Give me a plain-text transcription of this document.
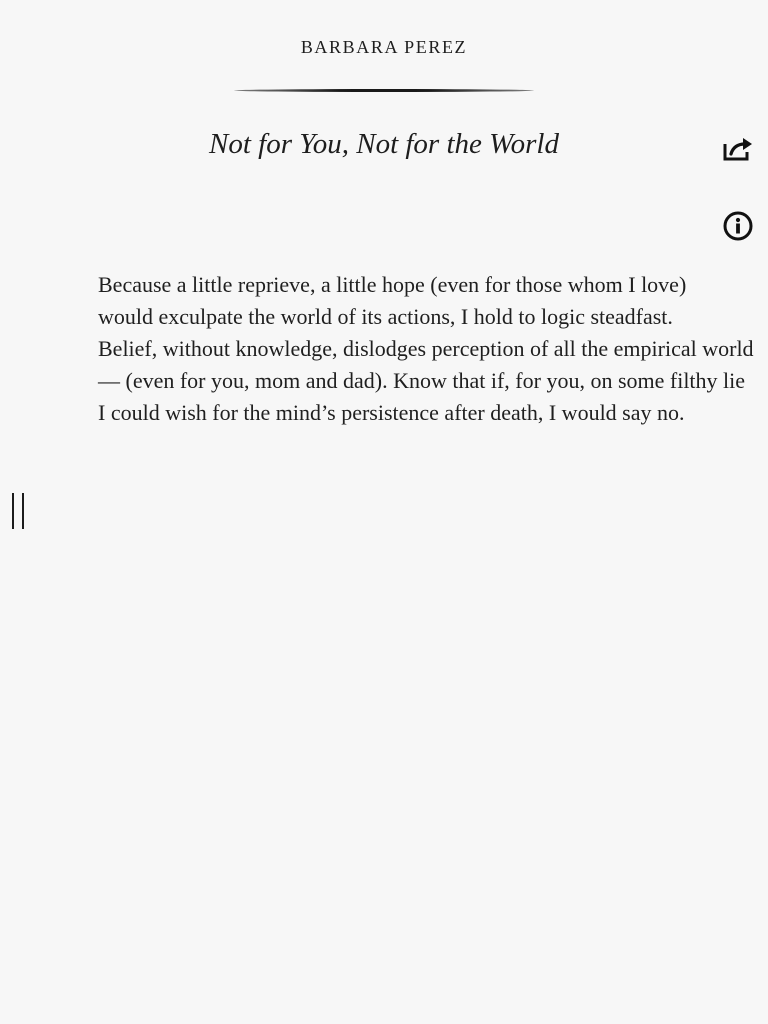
BARBARA PEREZ
Not for You, Not for the World
Because a little reprieve, a little hope (even for those whom I love)
would exculpate the world of its actions, I hold to logic steadfast.
Belief, without knowledge, dislodges perception of all the empirical world
— (even for you, mom and dad). Know that if, for you, on some filthy lie
I could wish for the mind’s persistence after death, I would say no.
